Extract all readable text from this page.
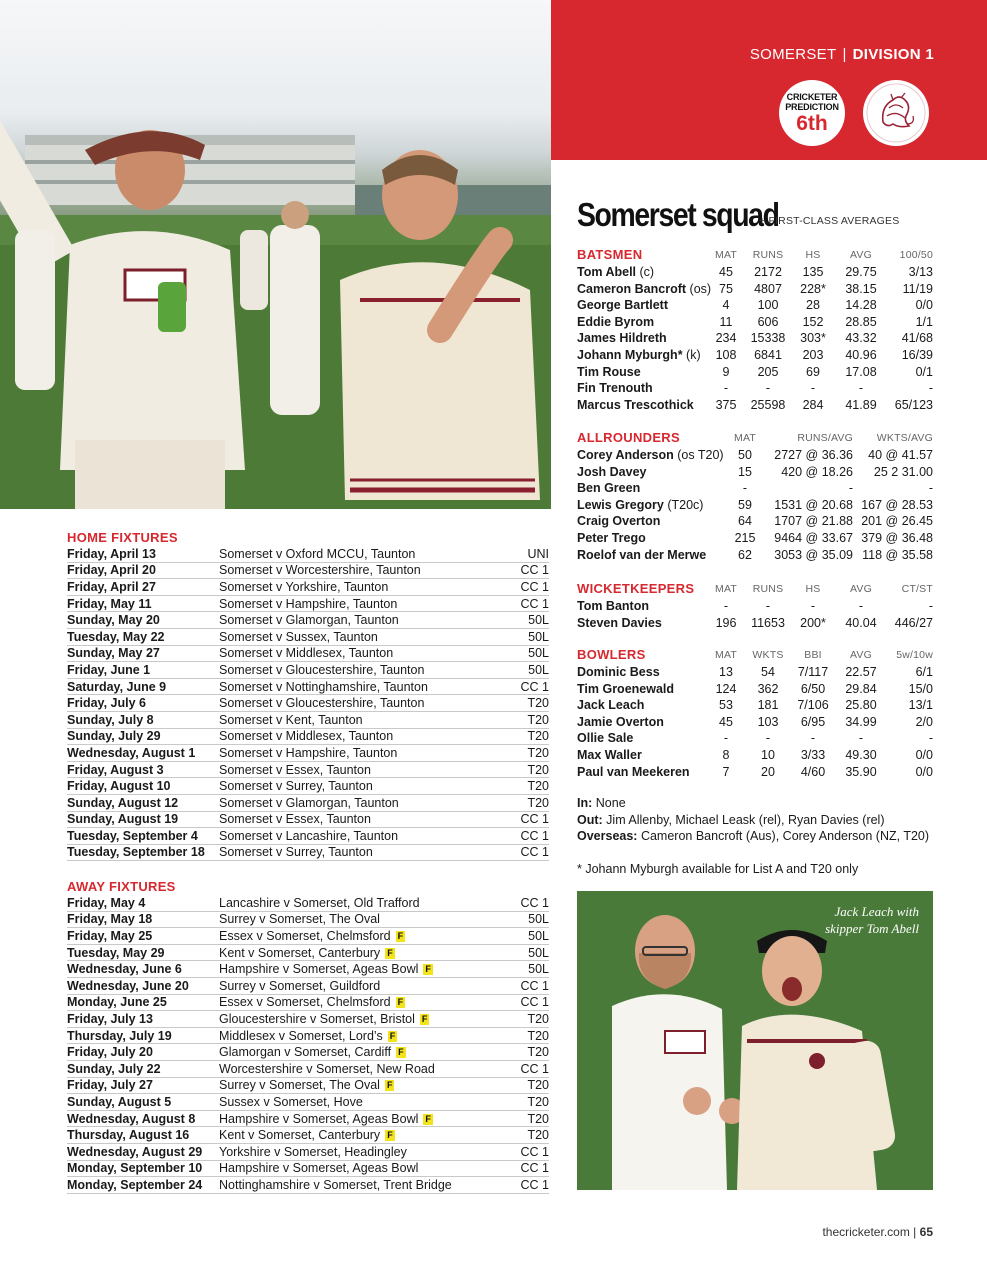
SOMERSET | DIVISION 1
CRICKETER
PREDICTION
6th
Somerset squad
+ FIRST-CLASS AVERAGES
BATSMEN	MAT	RUNS	HS	AVG	100/50
Tom Abell (c)	45	2172	135	29.75	3/13
Cameron Bancroft (os)	75	4807	228*	38.15	11/19
George Bartlett	4	100	28	14.28	0/0
Eddie Byrom	11	606	152	28.85	1/1
James Hildreth	234	15338	303*	43.32	41/68
Johann Myburgh* (k)	108	6841	203	40.96	16/39
Tim Rouse	9	205	69	17.08	0/1
Fin Trenouth	-	-	-	-	-
Marcus Trescothick	375	25598	284	41.89	65/123
ALLROUNDERS	MAT	RUNS/AVG	WKTS/AVG
Corey Anderson (os T20)	50	2727 @ 36.36	40 @ 41.57
Josh Davey	15	420 @ 18.26	25 2 31.00
Ben Green	-	-	-
Lewis Gregory (T20c)	59	1531 @ 20.68	167 @ 28.53
Craig Overton	64	1707 @ 21.88	201 @ 26.45
Peter Trego	215	9464 @ 33.67	379 @ 36.48
Roelof van der Merwe	62	3053 @ 35.09	118 @ 35.58
WICKETKEEPERS	MAT	RUNS	HS	AVG	CT/ST
Tom Banton	-	-	-	-	-
Steven Davies	196	11653	200*	40.04	446/27
BOWLERS	MAT	WKTS	BBI	AVG	5w/10w
Dominic Bess	13	54	7/117	22.57	6/1
Tim Groenewald	124	362	6/50	29.84	15/0
Jack Leach	53	181	7/106	25.80	13/1
Jamie Overton	45	103	6/95	34.99	2/0
Ollie Sale	-	-	-	-	-
Max Waller	8	10	3/33	49.30	0/0
Paul van Meekeren	7	20	4/60	35.90	0/0
In: None
Out: Jim Allenby, Michael Leask (rel), Ryan Davies (rel)
Overseas: Cameron Bancroft (Aus), Corey Anderson (NZ, T20)
* Johann Myburgh available for List A and T20 only
Jack Leach with
skipper Tom Abell
HOME FIXTURES
Friday, April 13	Somerset v Oxford MCCU, Taunton	UNI
Friday, April 20	Somerset v Worcestershire, Taunton	CC 1
Friday, April 27	Somerset v Yorkshire, Taunton	CC 1
Friday, May 11	Somerset v Hampshire, Taunton	CC 1
Sunday, May 20	Somerset v Glamorgan, Taunton	50L
Tuesday, May 22	Somerset v Sussex, Taunton	50L
Sunday, May 27	Somerset v Middlesex, Taunton	50L
Friday, June 1	Somerset v Gloucestershire, Taunton	50L
Saturday, June 9	Somerset v Nottinghamshire, Taunton	CC 1
Friday, July 6	Somerset v Gloucestershire, Taunton	T20
Sunday, July 8	Somerset v Kent, Taunton	T20
Sunday, July 29	Somerset v Middlesex, Taunton	T20
Wednesday, August 1	Somerset v Hampshire, Taunton	T20
Friday, August 3	Somerset v Essex, Taunton	T20
Friday, August 10	Somerset v Surrey, Taunton	T20
Sunday, August 12	Somerset v Glamorgan, Taunton	T20
Sunday, August 19	Somerset v Essex, Taunton	CC 1
Tuesday, September 4	Somerset v Lancashire, Taunton	CC 1
Tuesday, September 18	Somerset v Surrey, Taunton	CC 1
AWAY FIXTURES
Friday, May 4	Lancashire v Somerset, Old Trafford	CC 1
Friday, May 18	Surrey v Somerset, The Oval	50L
Friday, May 25	Essex v Somerset, Chelmsford F	50L
Tuesday, May 29	Kent v Somerset, Canterbury F	50L
Wednesday, June 6	Hampshire v Somerset, Ageas Bowl F	50L
Wednesday, June 20	Surrey v Somerset, Guildford	CC 1
Monday, June 25	Essex v Somerset, Chelmsford F	CC 1
Friday, July 13	Gloucestershire v Somerset, Bristol F	T20
Thursday, July 19	Middlesex v Somerset, Lord’s F	T20
Friday, July 20	Glamorgan v Somerset, Cardiff F	T20
Sunday, July 22	Worcestershire v Somerset, New Road	CC 1
Friday, July 27	Surrey v Somerset, The Oval F	T20
Sunday, August 5	Sussex v Somerset, Hove	T20
Wednesday, August 8	Hampshire v Somerset, Ageas Bowl F	T20
Thursday, August 16	Kent v Somerset, Canterbury F	T20
Wednesday, August 29	Yorkshire v Somerset, Headingley	CC 1
Monday, September 10	Hampshire v Somerset, Ageas Bowl	CC 1
Monday, September 24	Nottinghamshire v Somerset, Trent Bridge	CC 1
thecricketer.com | 65
